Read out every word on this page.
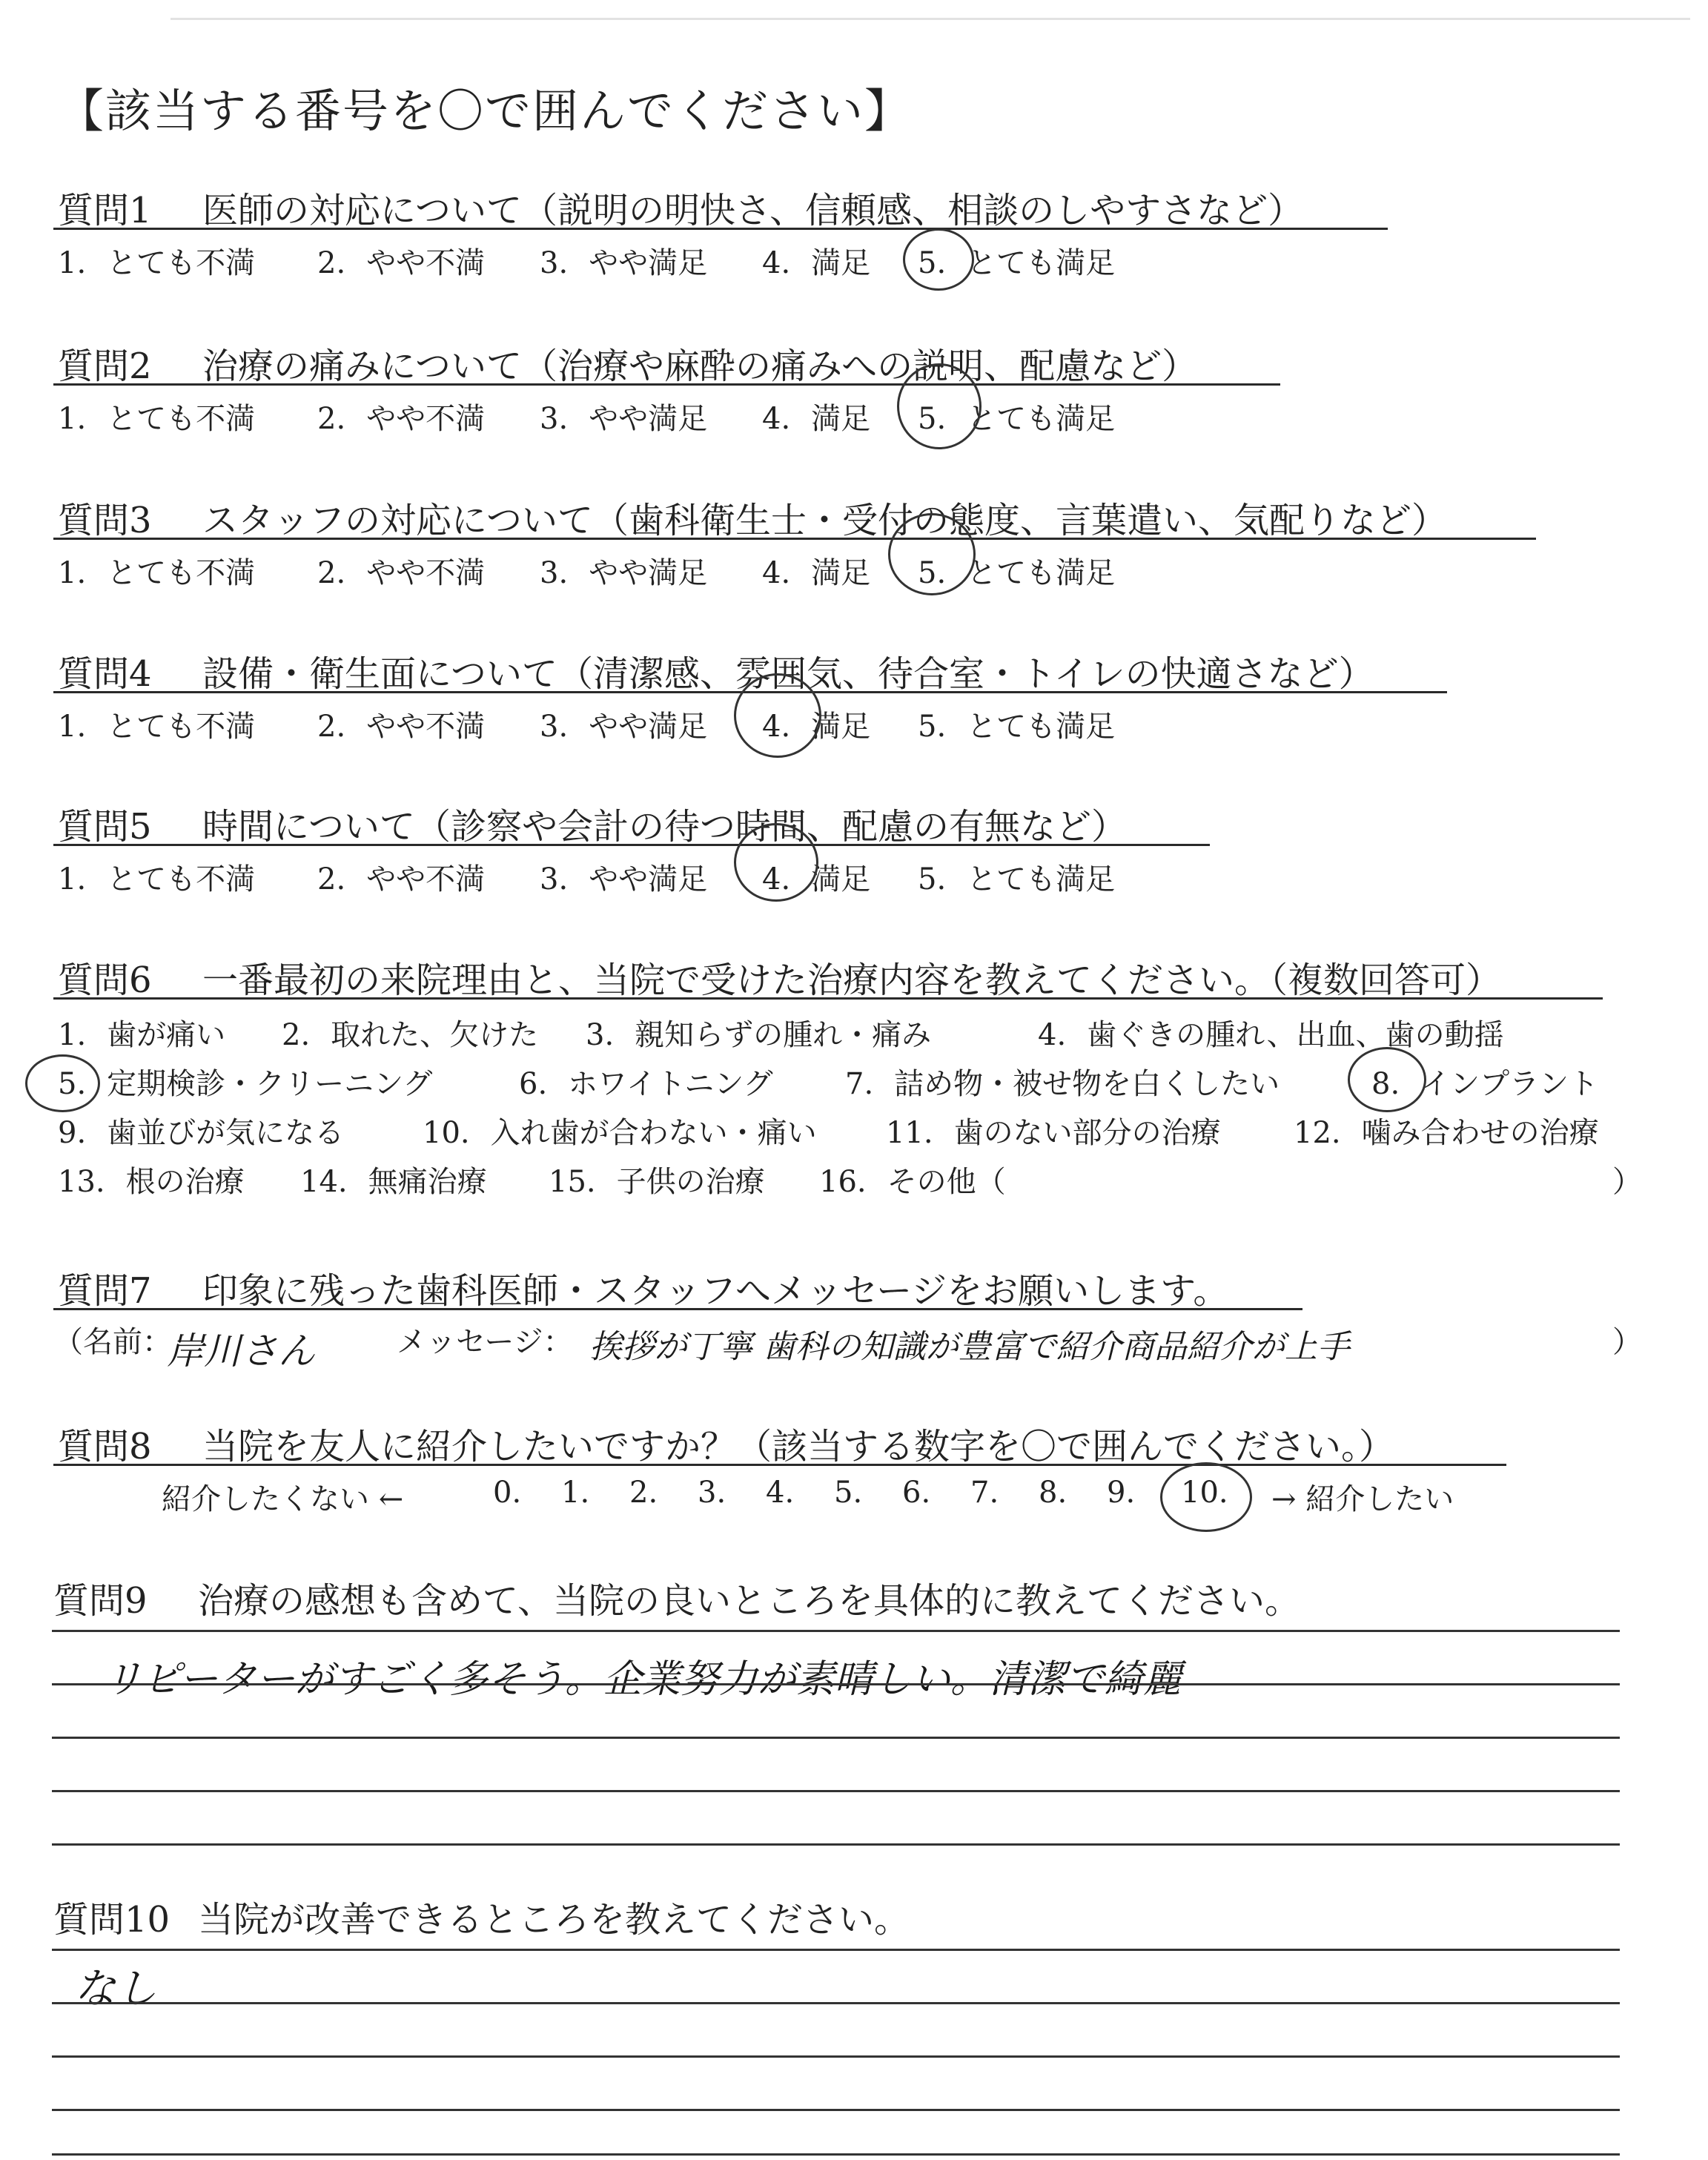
【該当する番号を〇で囲んでください】
質問1 医師の対応について（説明の明快さ、信頼感、相談のしやすさなど）
1. とても不満 2. やや不満 3. やや満足 4. 満足 5. とても満足
質問2 治療の痛みについて（治療や麻酔の痛みへの説明、配慮など）
1. とても不満 2. やや不満 3. やや満足 4. 満足 5. とても満足
質問3 スタッフの対応について（歯科衛生士・受付の態度、言葉遣い、気配りなど）
1. とても不満 2. やや不満 3. やや満足 4. 満足 5. とても満足
質問4 設備・衛生面について（清潔感、雰囲気、待合室・トイレの快適さなど）
1. とても不満 2. やや不満 3. やや満足 4. 満足 5. とても満足
質問5 時間について（診察や会計の待つ時間、配慮の有無など）
1. とても不満 2. やや不満 3. やや満足 4. 満足 5. とても満足
質問6 一番最初の来院理由と、当院で受けた治療内容を教えてください。（複数回答可）
1. 歯が痛い 2. 取れた、欠けた 3. 親知らずの腫れ・痛み	4. 歯ぐきの腫れ、出血、歯の動揺
5. 定期検診・クリーニング	6. ホワイトニング 7. 詰め物・被せ物を白くしたい	8. インプラント
9. 歯並びが気になる	10. 入れ歯が合わない・痛い 11. 歯のない部分の治療 12. 噛み合わせの治療
13. 根の治療 14. 無痛治療 15. 子供の治療 16. その他（	）
質問7 印象に残った歯科医師・スタッフへメッセージをお願いします。
（名前：
岸川さん	メッセージ： 挨拶が丁寧 歯科の知識が豊富で紹介商品紹介が上手	）
質問8 当院を友人に紹介したいですか？（該当する数字を〇で囲んでください。）
紹介したくない ←	0. 1. 2. 3. 4. 5. 6. 7. 8. 9. 10. → 紹介したい
質問9 治療の感想も含めて、当院の良いところを具体的に教えてください。
リピーターがすごく多そう。企業努力が素晴しい。清潔で綺麗
質問10 当院が改善できるところを教えてください。
なし
